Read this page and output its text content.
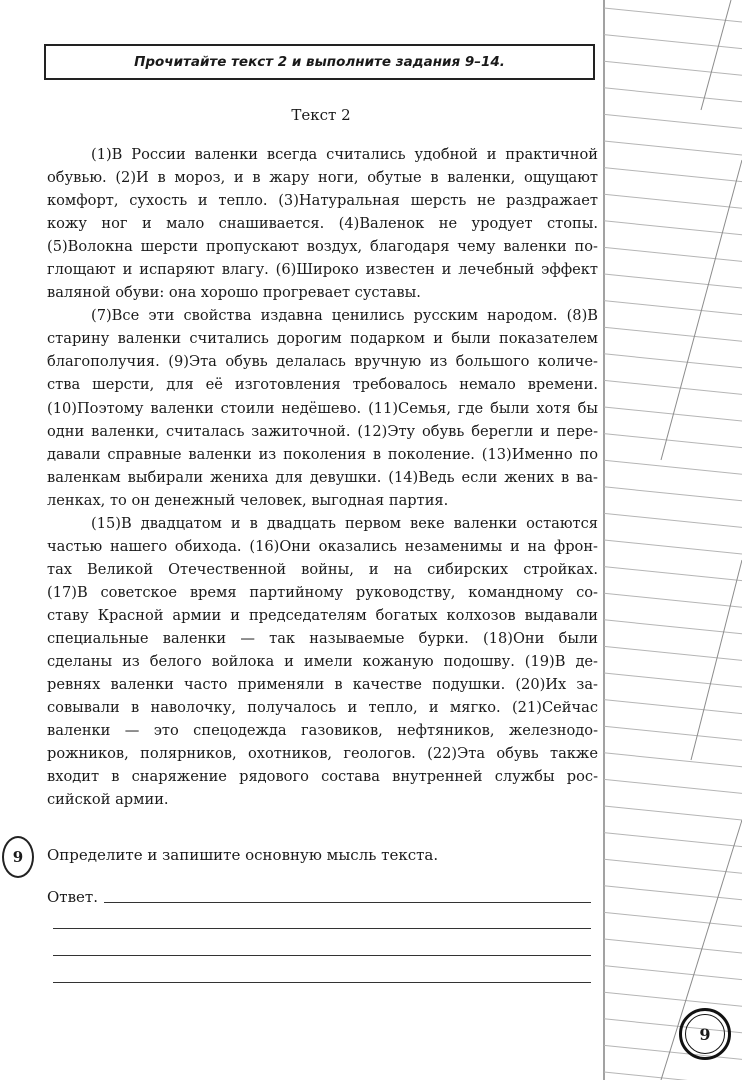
Прочитайте текст 2 и выполните задания 9–14.
Текст 2
(1)В России валенки всегда считались удобной и практичной
обувью. (2)И в мороз, и в жару ноги, обутые в валенки, ощущают
комфорт, сухость и тепло. (3)Натуральная шерсть не раздражает
кожу ног и мало снашивается. (4)Валенок не уродует стопы.
(5)Волокна шерсти пропускают воздух, благодаря чему валенки по-
глощают и испаряют влагу. (6)Широко известен и лечебный эффект
валяной обуви: она хорошо прогревает суставы.
(7)Все эти свойства издавна ценились русским народом. (8)В
старину валенки считались дорогим подарком и были показателем
благополучия. (9)Эта обувь делалась вручную из большого количе-
ства шерсти, для её изготовления требовалось немало времени.
(10)Поэтому валенки стоили недёшево. (11)Семья, где были хотя бы
одни валенки, считалась зажиточной. (12)Эту обувь берегли и пере-
давали справные валенки из поколения в поколение. (13)Именно по
валенкам выбирали жениха для девушки. (14)Ведь если жених в ва-
ленках, то он денежный человек, выгодная партия.
(15)В двадцатом и в двадцать первом веке валенки остаются
частью нашего обихода. (16)Они оказались незаменимы и на фрон-
тах Великой Отечественной войны, и на сибирских стройках.
(17)В советское время партийному руководству, командному со-
ставу Красной армии и председателям богатых колхозов выдавали
специальные валенки — так называемые бурки. (18)Они были
сделаны из белого войлока и имели кожаную подошву. (19)В де-
ревнях валенки часто применяли в качестве подушки. (20)Их за-
совывали в наволочку, получалось и тепло, и мягко. (21)Сейчас
валенки — это спецодежда газовиков, нефтяников, железнодо-
рожников, полярников, охотников, геологов. (22)Эта обувь также
входит в снаряжение рядового состава внутренней службы рос-
сийской армии.
9 Определите и запишите основную мысль текста.
Ответ.
9
